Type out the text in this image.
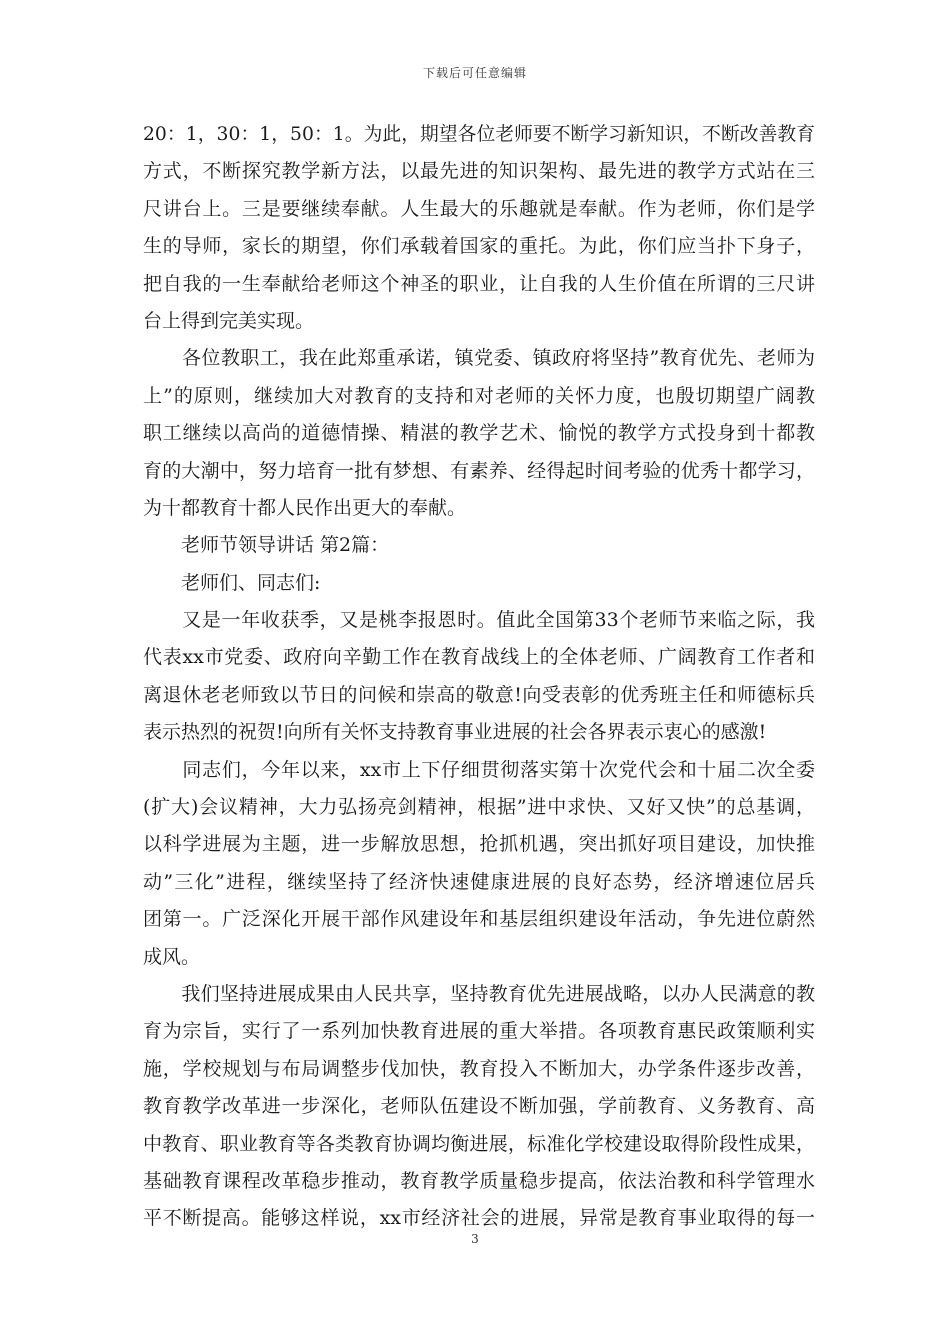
下载后可任意编辑
20：1，30：1，50：1。为此，期望各位老师要不断学习新知识，不断改善教育
方式，不断探究教学新方法，以最先进的知识架构、最先进的教学方式站在三
尺讲台上。三是要继续奉献。人生最大的乐趣就是奉献。作为老师，你们是学
生的导师，家长的期望，你们承载着国家的重托。为此，你们应当扑下身子，
把自我的一生奉献给老师这个神圣的职业，让自我的人生价值在所谓的三尺讲
台上得到完美实现。
　　各位教职工，我在此郑重承诺，镇党委、镇政府将坚持”教育优先、老师为
上”的原则，继续加大对教育的支持和对老师的关怀力度，也殷切期望广阔教
职工继续以高尚的道德情操、精湛的教学艺术、愉悦的教学方式投身到十都教
育的大潮中，努力培育一批有梦想、有素养、经得起时间考验的优秀十都学习，
为十都教育十都人民作出更大的奉献。
　　老师节领导讲话 第2篇：
　　老师们、同志们:
　　又是一年收获季，又是桃李报恩时。值此全国第33个老师节来临之际，我
代表xx市党委、政府向辛勤工作在教育战线上的全体老师、广阔教育工作者和
离退休老老师致以节日的问候和崇高的敬意!向受表彰的优秀班主任和师德标兵
表示热烈的祝贺!向所有关怀支持教育事业进展的社会各界表示衷心的感激!
　　同志们，今年以来，xx市上下仔细贯彻落实第十次党代会和十届二次全委
(扩大)会议精神，大力弘扬亮剑精神，根据”进中求快、又好又快”的总基调，
以科学进展为主题，进一步解放思想，抢抓机遇，突出抓好项目建设，加快推
动”三化”进程，继续坚持了经济快速健康进展的良好态势，经济增速位居兵
团第一。广泛深化开展干部作风建设年和基层组织建设年活动，争先进位蔚然
成风。
　　我们坚持进展成果由人民共享，坚持教育优先进展战略，以办人民满意的教
育为宗旨，实行了一系列加快教育进展的重大举措。各项教育惠民政策顺利实
施，学校规划与布局调整步伐加快，教育投入不断加大，办学条件逐步改善，
教育教学改革进一步深化，老师队伍建设不断加强，学前教育、义务教育、高
中教育、职业教育等各类教育协调均衡进展，标准化学校建设取得阶段性成果，
基础教育课程改革稳步推动，教育教学质量稳步提高，依法治教和科学管理水
平不断提高。能够这样说，xx市经济社会的进展，异常是教育事业取得的每一
3
